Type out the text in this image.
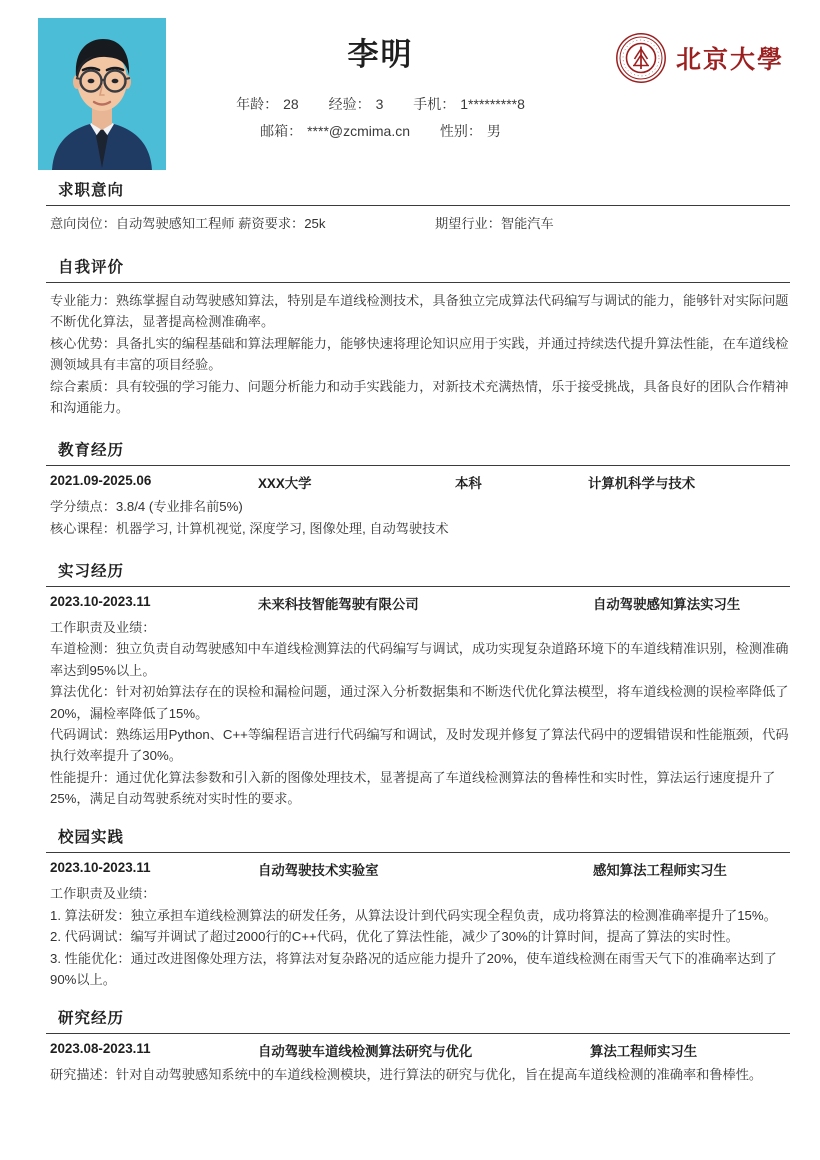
李明
年龄： 28 经验： 3 手机： 1*********8
邮箱： ****@zcmima.cn 性别： 男
北京大學
求职意向
意向岗位：自动驾驶感知工程师 薪资要求：25k	期望行业：智能汽车
自我评价
专业能力：熟练掌握自动驾驶感知算法，特别是车道线检测技术，具备独立完成算法代码编写与调试的能力，能够针对实际问题不断优化算法，显著提高检测准确率。
核心优势：具备扎实的编程基础和算法理解能力，能够快速将理论知识应用于实践，并通过持续迭代提升算法性能，在车道线检测领域具有丰富的项目经验。
综合素质：具有较强的学习能力、问题分析能力和动手实践能力，对新技术充满热情，乐于接受挑战，具备良好的团队合作精神和沟通能力。
教育经历
2021.09-2025.06	XXX大学	本科	计算机科学与技术
学分绩点：3.8/4 (专业排名前5%)
核心课程：机器学习, 计算机视觉, 深度学习, 图像处理, 自动驾驶技术
实习经历
2023.10-2023.11	未来科技智能驾驶有限公司	自动驾驶感知算法实习生
工作职责及业绩：
车道检测：独立负责自动驾驶感知中车道线检测算法的代码编写与调试，成功实现复杂道路环境下的车道线精准识别，检测准确率达到95%以上。
算法优化：针对初始算法存在的误检和漏检问题，通过深入分析数据集和不断迭代优化算法模型，将车道线检测的误检率降低了20%，漏检率降低了15%。
代码调试：熟练运用Python、C++等编程语言进行代码编写和调试，及时发现并修复了算法代码中的逻辑错误和性能瓶颈，代码执行效率提升了30%。
性能提升：通过优化算法参数和引入新的图像处理技术，显著提高了车道线检测算法的鲁棒性和实时性，算法运行速度提升了25%，满足自动驾驶系统对实时性的要求。
校园实践
2023.10-2023.11	自动驾驶技术实验室	感知算法工程师实习生
工作职责及业绩：
1. 算法研发：独立承担车道线检测算法的研发任务，从算法设计到代码实现全程负责，成功将算法的检测准确率提升了15%。
2. 代码调试：编写并调试了超过2000行的C++代码，优化了算法性能，减少了30%的计算时间，提高了算法的实时性。
3. 性能优化：通过改进图像处理方法，将算法对复杂路况的适应能力提升了20%，使车道线检测在雨雪天气下的准确率达到了90%以上。
研究经历
2023.08-2023.11	自动驾驶车道线检测算法研究与优化	算法工程师实习生
研究描述：针对自动驾驶感知系统中的车道线检测模块，进行算法的研究与优化，旨在提高车道线检测的准确率和鲁棒性。
